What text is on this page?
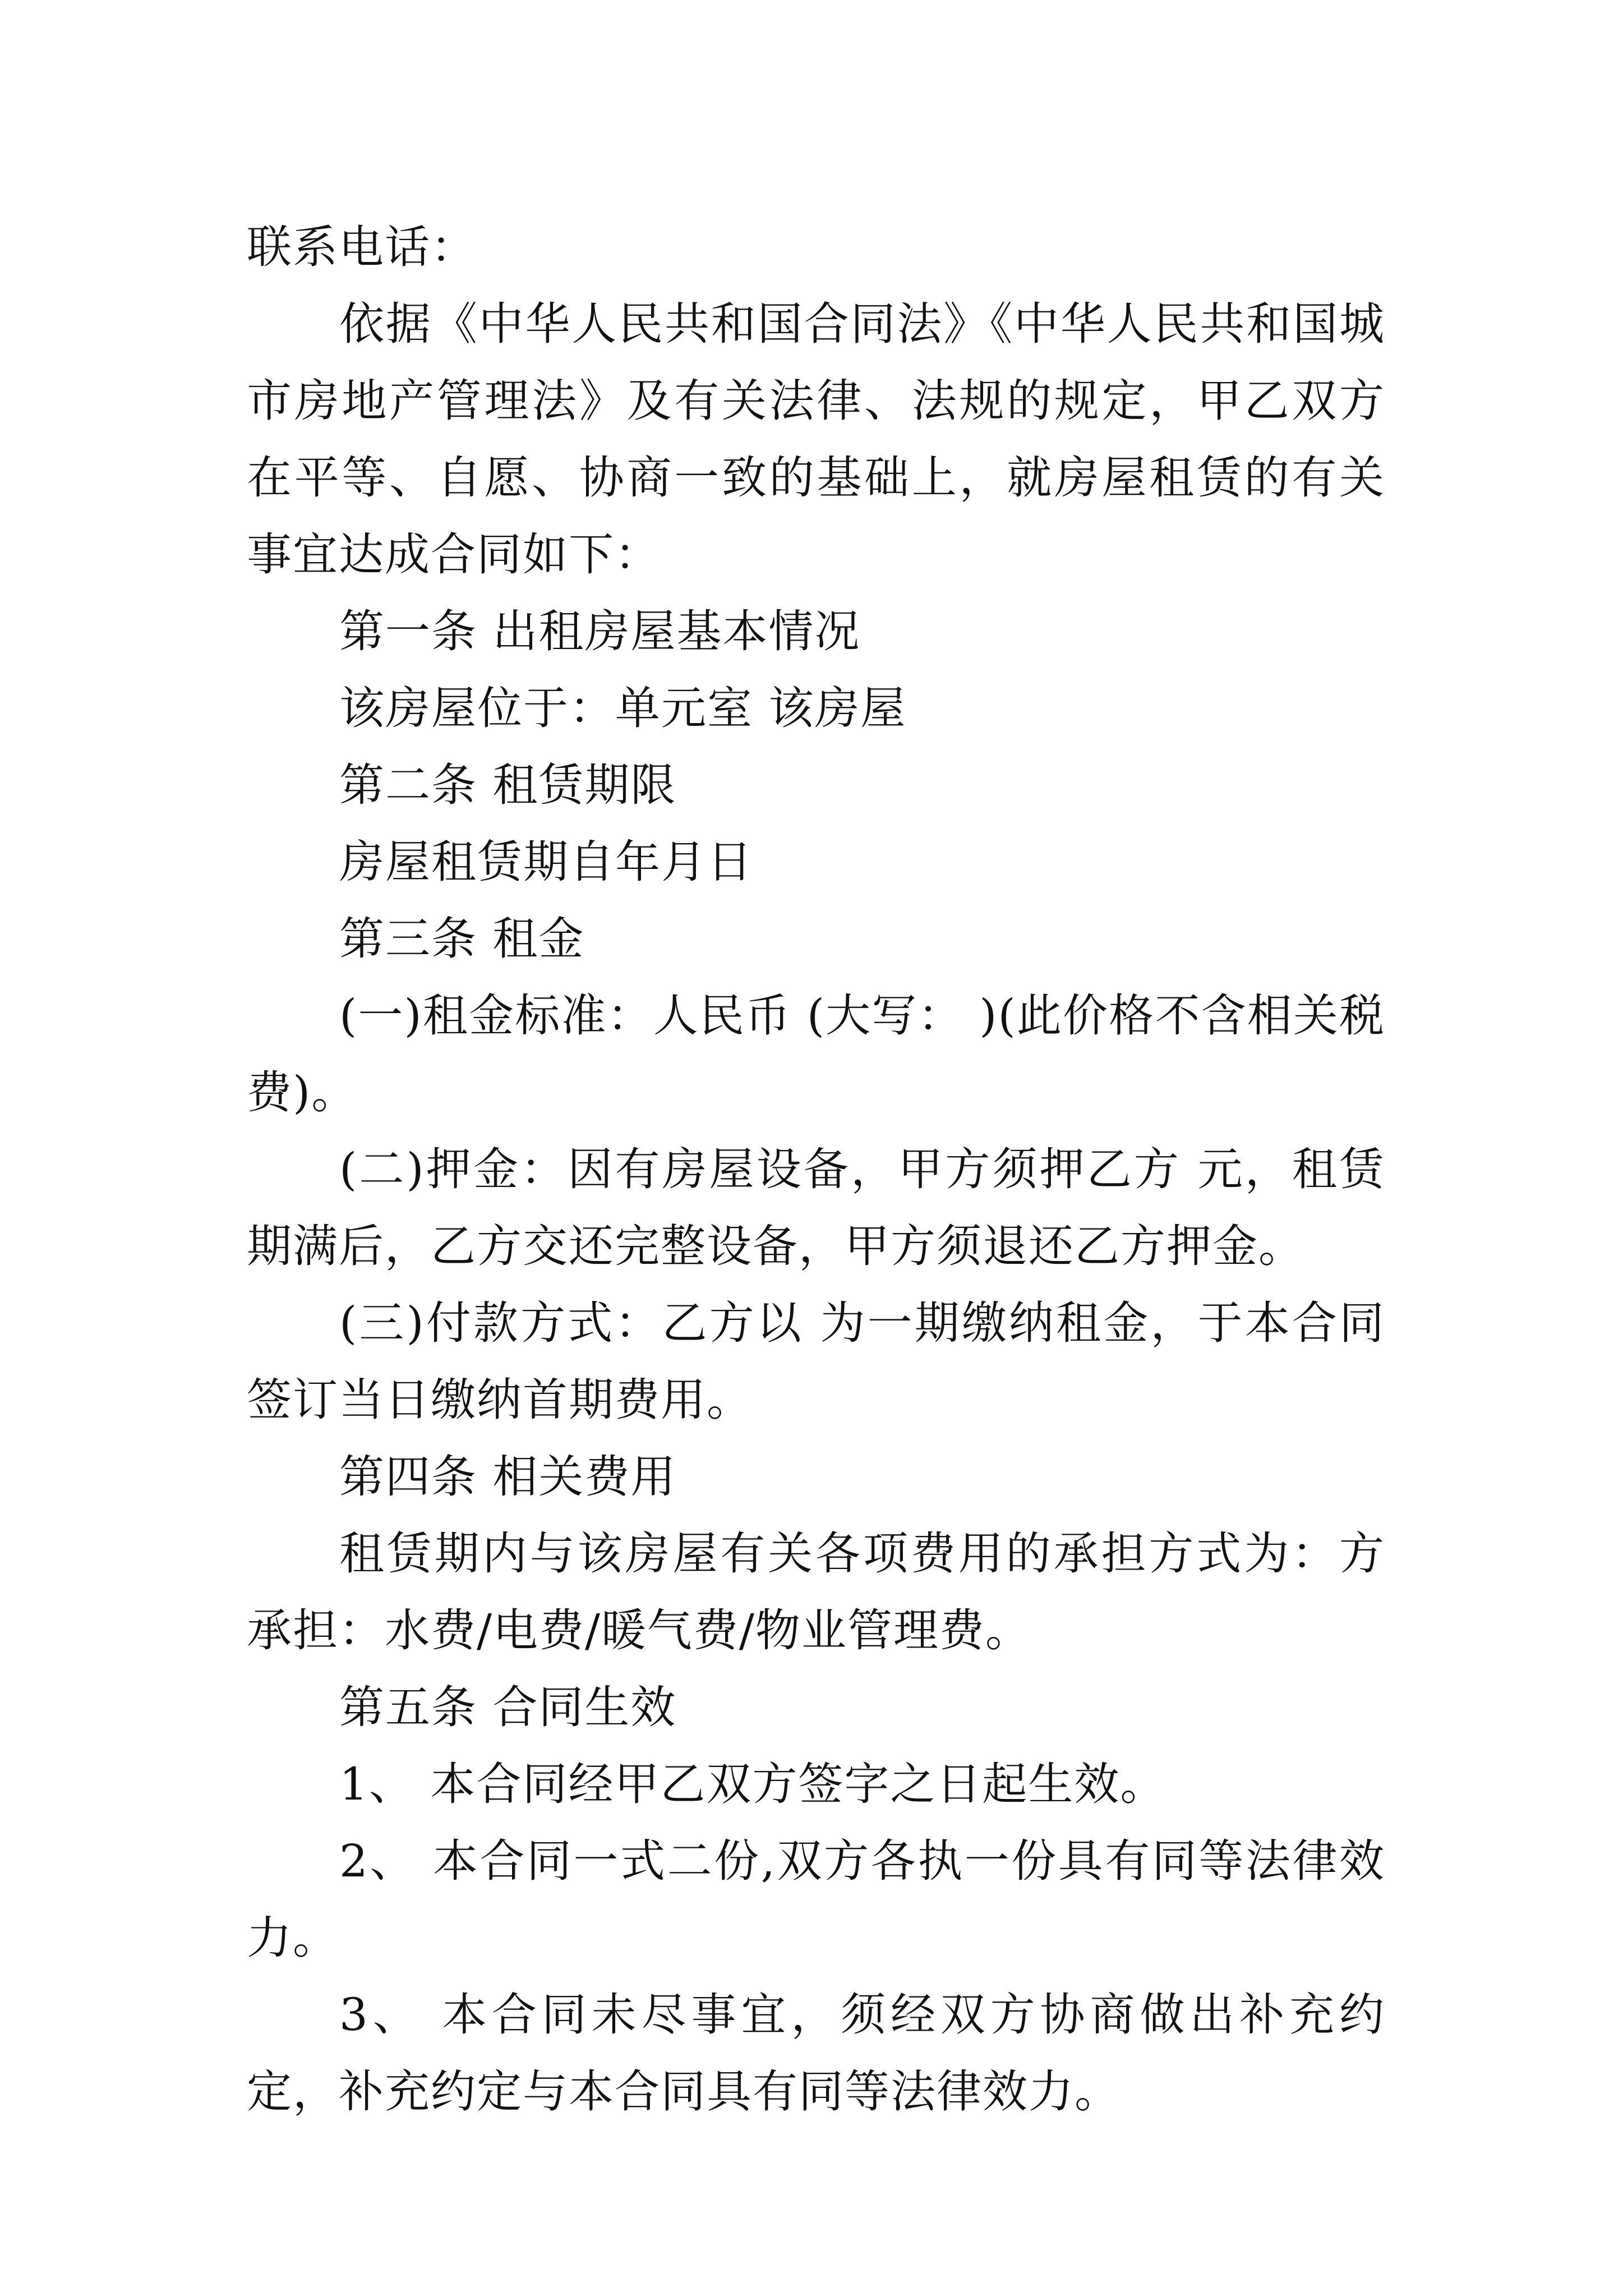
联系电话：

依据《中华人民共和国合同法》《中华人民共和国城市房地产管理法》及有关法律、法规的规定，甲乙双方在平等、自愿、协商一致的基础上，就房屋租赁的有关事宜达成合同如下：

第一条 出租房屋基本情况

该房屋位于：单元室 该房屋

第二条 租赁期限

房屋租赁期自年月日

第三条 租金

(一)租金标准：人民币 (大写： )(此价格不含相关税费)。

(二)押金：因有房屋设备，甲方须押乙方 元，租赁期满后，乙方交还完整设备，甲方须退还乙方押金。

(三)付款方式：乙方以 为一期缴纳租金，于本合同签订当日缴纳首期费用。

第四条 相关费用

租赁期内与该房屋有关各项费用的承担方式为：方承担：水费/电费/暖气费/物业管理费。

第五条 合同生效

1、 本合同经甲乙双方签字之日起生效。

2、 本合同一式二份,双方各执一份具有同等法律效力。

3、 本合同未尽事宜，须经双方协商做出补充约定，补充约定与本合同具有同等法律效力。
